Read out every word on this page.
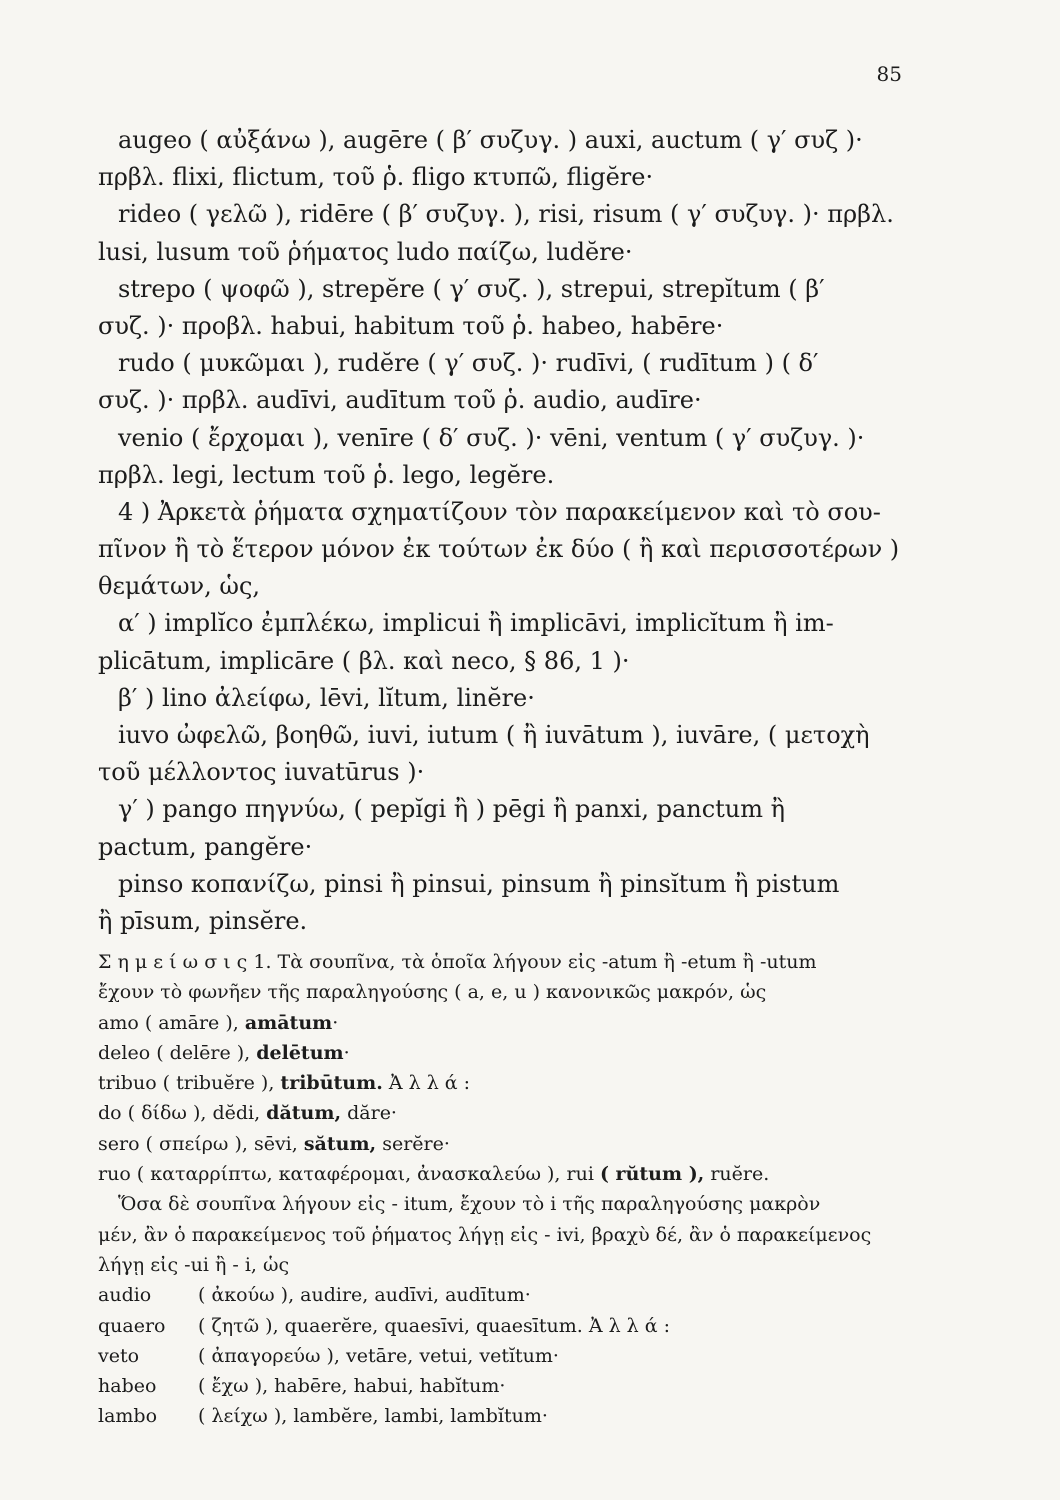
85
augeo ( αὐξάνω ), augēre ( β′ συζυγ. ) auxi, auctum ( γ′ συζ )·
πρβλ. flixi, flictum, τοῦ ῥ. fligo κτυπῶ, fligĕre·
rideo ( γελῶ ), ridēre ( β′ συζυγ. ), risi, risum ( γ′ συζυγ. )· πρβλ.
lusi, lusum τοῦ ῥήματος ludo παίζω, ludĕre·
strepo ( ψοφῶ ), strepĕre ( γ′ συζ. ), strepui, strepĭtum ( β′
συζ. )· προβλ. habui, habitum τοῦ ῥ. habeo, habēre·
rudo ( μυκῶμαι ), rudĕre ( γ′ συζ. )· rudīvi, ( rudītum ) ( δ′
συζ. )· πρβλ. audīvi, audītum τοῦ ῥ. audio, audīre·
venio ( ἔρχομαι ), venīre ( δ′ συζ. )· vēni, ventum ( γ′ συζυγ. )·
πρβλ. legi, lectum τοῦ ῥ. lego, legĕre.
4 ) Ἀρκετὰ ῥήματα σχηματίζουν τὸν παρακείμενον καὶ τὸ σου-
πῖνον ἢ τὸ ἕτερον μόνον ἐκ τούτων ἐκ δύο ( ἢ καὶ περισσοτέρων )
θεμάτων, ὡς,
α′ ) implĭco ἐμπλέκω, implicui ἢ implicāvi, implicĭtum ἢ im-
plicātum, implicāre ( βλ. καὶ neco, § 86, 1 )·
β′ ) lino ἀλείφω, lēvi, lĭtum, linĕre·
iuvo ὠφελῶ, βοηθῶ, iuvi, iutum ( ἢ iuvātum ), iuvāre, ( μετοχὴ
τοῦ μέλλοντος iuvatūrus )·
γ′ ) pango πηγνύω, ( pepĭgi ἢ ) pēgi ἢ panxi, panctum ἢ
pactum, pangĕre·
pinso κοπανίζω, pinsi ἢ pinsui, pinsum ἢ pinsĭtum ἢ pistum
ἢ pīsum, pinsĕre.
Σ η μ ε ί ω σ ι ς 1. Τὰ σουπῖνα, τὰ ὁποῖα λήγουν εἰς -atum ἢ -etum ἢ -utum
ἔχουν τὸ φωνῆεν τῆς παραληγούσης ( a, e, u ) κανονικῶς μακρόν, ὡς
amo ( amāre ), amātum·
deleo ( delēre ), delētum·
tribuo ( tribuĕre ), tribūtum. Ἀ λ λ ά :
do ( δίδω ), dĕdi, dătum, dăre·
sero ( σπείρω ), sēvi, sătum, serĕre·
ruo ( καταρρίπτω, καταφέρομαι, ἀνασκαλεύω ), rui ( rŭtum ), ruĕre.
Ὅσα δὲ σουπῖνα λήγουν εἰς - itum, ἔχουν τὸ i τῆς παραληγούσης μακρὸν
μέν, ἂν ὁ παρακείμενος τοῦ ῥήματος λήγῃ εἰς - ivi, βραχὺ δέ, ἂν ὁ παρακείμενος
λήγῃ εἰς -ui ἢ - i, ὡς
audio	( ἀκούω ), audire, audīvi, audītum·
quaero	( ζητῶ ), quaerĕre, quaesīvi, quaesītum. Ἀ λ λ ά :
veto	( ἀπαγορεύω ), vetāre, vetui, vetĭtum·
habeo	( ἔχω ), habēre, habui, habĭtum·
lambo	( λείχω ), lambĕre, lambi, lambĭtum·
